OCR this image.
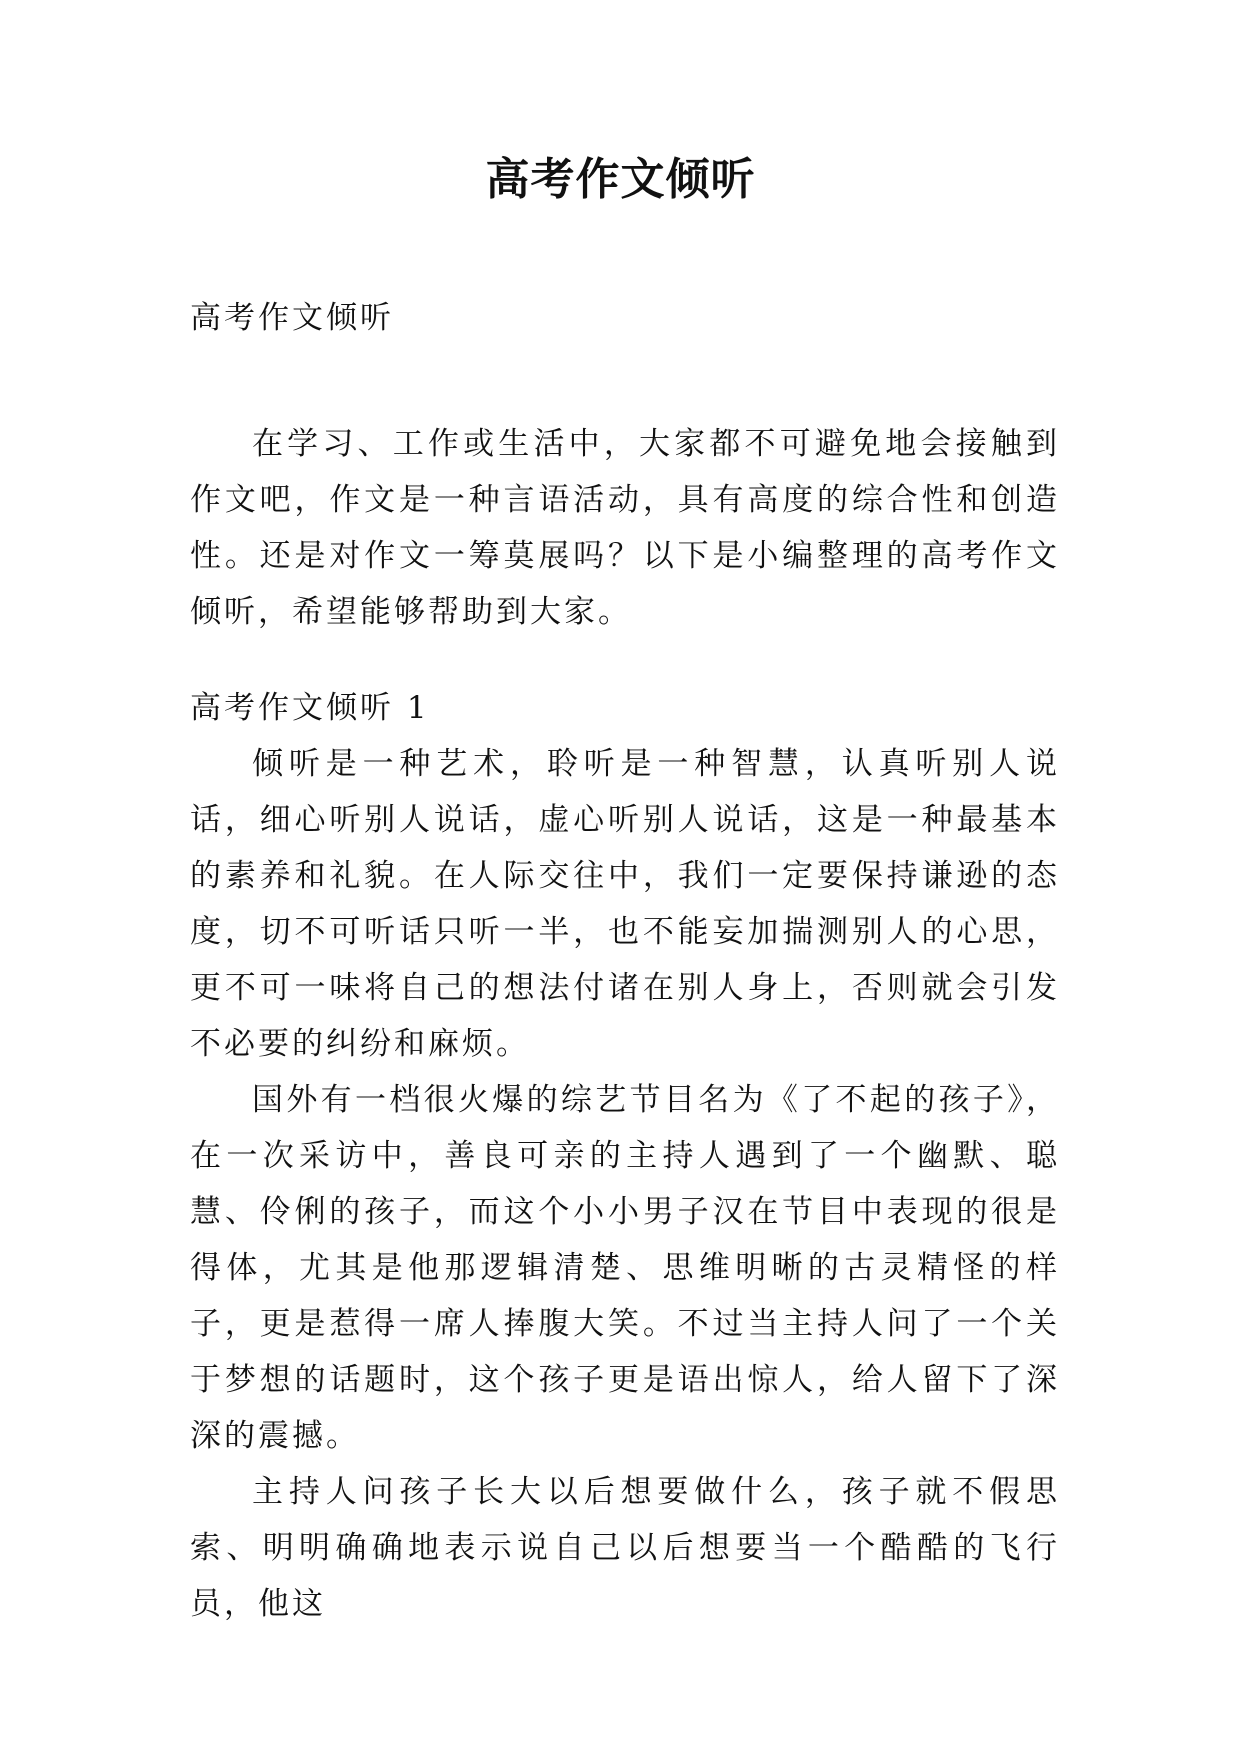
高考作文倾听

高考作文倾听

在学习、工作或生活中，大家都不可避免地会接触到作文吧，作文是一种言语活动，具有高度的综合性和创造性。还是对作文一筹莫展吗？以下是小编整理的高考作文倾听，希望能够帮助到大家。

高考作文倾听 1

倾听是一种艺术，聆听是一种智慧，认真听别人说话，细心听别人说话，虚心听别人说话，这是一种最基本的素养和礼貌。在人际交往中，我们一定要保持谦逊的态度，切不可听话只听一半，也不能妄加揣测别人的心思，更不可一味将自己的想法付诸在别人身上，否则就会引发不必要的纠纷和麻烦。

国外有一档很火爆的综艺节目名为《了不起的孩子》，在一次采访中，善良可亲的主持人遇到了一个幽默、聪慧、伶俐的孩子，而这个小小男子汉在节目中表现的很是得体，尤其是他那逻辑清楚、思维明晰的古灵精怪的样子，更是惹得一席人捧腹大笑。不过当主持人问了一个关于梦想的话题时，这个孩子更是语出惊人，给人留下了深深的震撼。

主持人问孩子长大以后想要做什么，孩子就不假思索、明明确确地表示说自己以后想要当一个酷酷的飞行员，他这
